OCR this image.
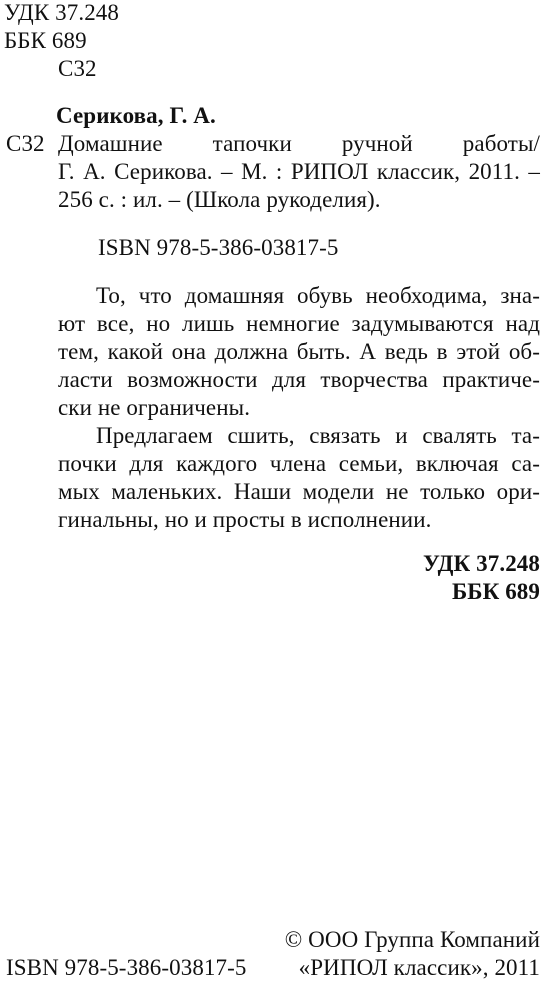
УДК 37.248
ББК 689
С32
Серикова, Г. А.
С32 Домашние тапочки ручной работы/
Г. А. Серикова. – М. : РИПОЛ классик, 2011. –
256 с. : ил. – (Школа рукоделия).
ISBN 978-5-386-03817-5
То, что домашняя обувь необходима, зна-
ют все, но лишь немногие задумываются над
тем, какой она должна быть. А ведь в этой об-
ласти возможности для творчества практиче-
ски не ограничены.
Предлагаем сшить, связать и свалять та-
почки для каждого члена семьи, включая са-
мых маленьких. Наши модели не только ори-
гинальны, но и просты в исполнении.
УДК 37.248
ББК 689
© ООО Группа Компаний
ISBN 978-5-386-03817-5 «РИПОЛ классик», 2011
